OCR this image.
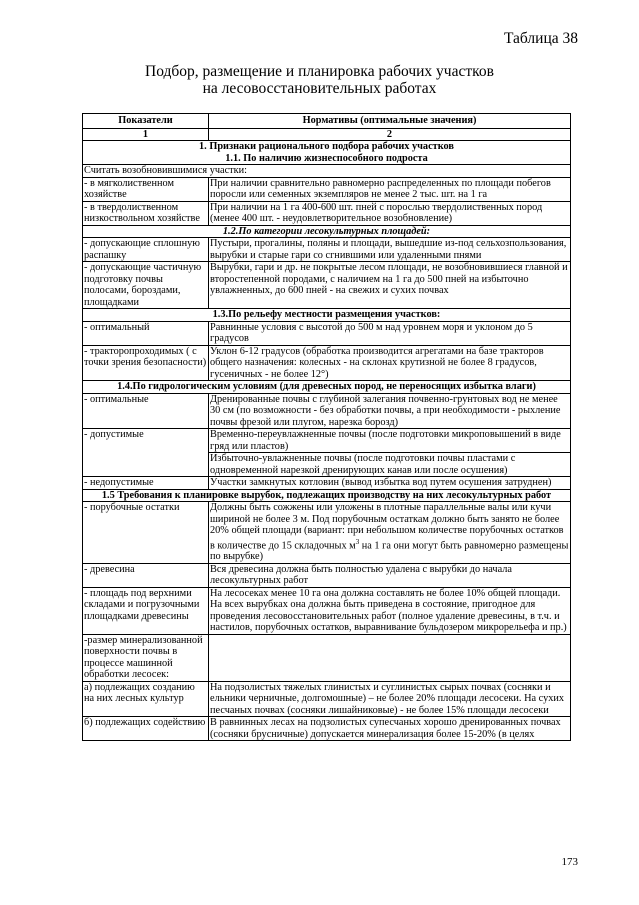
Таблица 38
Подбор, размещение и планировка рабочих участков
на лесовосстановительных работах
Показатели	Нормативы (оптимальные значения)
1	2

1. Признаки рационального подбора рабочих участков
1.1. По наличию жизнеспособного подроста	

Считать возобновившимися участки:	
- в мягколиственном хозяйстве	При наличии сравнительно равномерно распределенных по площади побегов поросли или семенных экземпляров не менее 2 тыс. шт. на 1 га
- в твердолиственном низкоствольном хозяйстве	При наличии на 1 га 400-600 шт. пней с порослью твердолиственных пород (менее 400 шт. - неудовлетворительное возобновление)
1.2.По категории лесокультурных площадей:	
- допускающие сплошную распашку	Пустыри, прогалины, поляны и площади, вышедшие из-под сельхозпользования, вырубки и старые гари со сгнившими или удаленными пнями
- допускающие частичную подготовку почвы полосами, бороздами, площадками	Вырубки, гари и др. не покрытые лесом площади, не возобновившиеся главной и второстепенной породами, с наличием на 1 га до 500 пней на избыточно увлажненных, до 600 пней - на свежих и сухих почвах
1.3.По рельефу местности размещения участков:	
- оптимальный	Равнинные условия с высотой до 500 м над уровнем моря и уклоном до 5 градусов
- тракторопроходимых ( с точки зрения безопасности)	Уклон 6-12 градусов (обработка производится агрегатами на базе тракторов общего назначения: колесных - на склонах крутизной не более 8 градусов, гусеничных - не более 12°)
1.4.По гидрологическим условиям (для древесных пород, не переносящих избытка влаги)	
- оптимальные	Дренированные почвы с глубиной залегания почвенно-грунтовых вод не менее 30 см (по возможности - без обработки почвы, а при необходимости - рыхление почвы фрезой или плугом, нарезка борозд)
- допустимые	Временно-переувлажненные почвы (после подготовки микроповышений в виде гряд или пластов)
	Избыточно-увлажненные почвы (после подготовки почвы пластами с одновременной нарезкой дренирующих канав или после осушения)
- недопустимые	Участки замкнутых котловин (вывод избытка вод путем осушения затруднен)
1.5 Требования к планировке вырубок, подлежащих производству на них лесокультурных работ	
- порубочные остатки	Должны быть сожжены или уложены в плотные параллельные валы или кучи шириной не более 3 м. Под порубочным остаткам должно быть занято не более 20% общей площади (вариант: при небольшом количестве порубочных остатков в количестве до 15 складочных $м^3$ на 1 га они могут быть равномерно размещены по вырубке)
- древесина	Вся древесина должна быть полностью удалена с вырубки до начала лесокультурных работ
- площадь под верхними складами и погрузочными площадками древесины	На лесосеках менее 10 га она должна составлять не более 10% общей площади. На всех вырубках она должна быть приведена в состояние, пригодное для проведения лесовосстановительных работ (полное удаление древесины, в т.ч. и настилов, порубочных остатков, выравнивание бульдозером микрорельефа и пр.)
-размер минерализованной поверхности почвы в процессе машинной обработки лесосек:	
а) подлежащих созданию на них лесных культур	На подзолистых тяжелых глинистых и суглинистых сырых почвах (сосняки и ельники черничные, долгомошные) – не более 20% площади лесосеки. На сухих песчаных почвах (сосняки лишайниковые) - не более 15% площади лесосеки
б) подлежащих содействию	В равнинных лесах на подзолистых супесчаных хорошо дренированных почвах (сосняки брусничные) допускается минерализация более 15-20% (в целях
173
